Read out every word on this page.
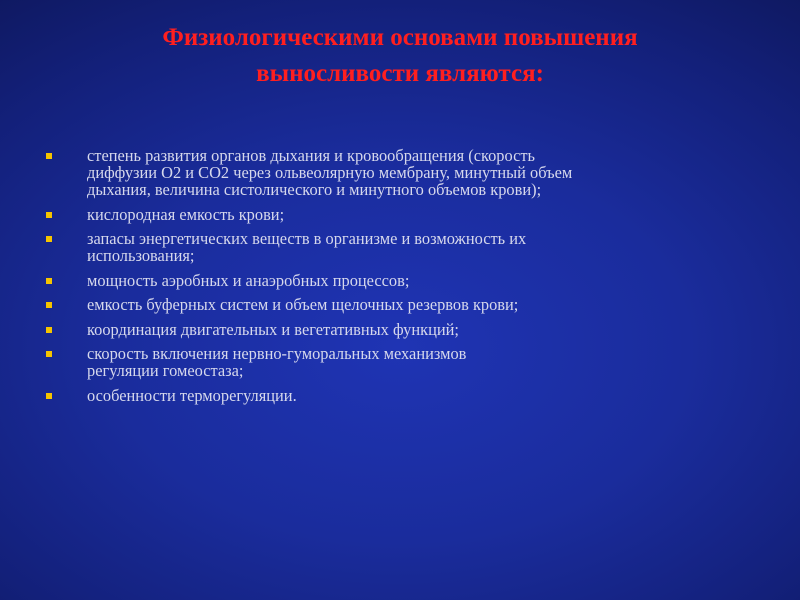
Физиологическими основами повышения
выносливости являются:
степень развития органов дыхания и кровообращения (скорость
диффузии О2 и СО2 через ольвеолярную мембрану, минутный объем
дыхания, величина систолического и минутного объемов крови);
кислородная емкость крови;
запасы энергетических веществ в организме и возможность их
использования;
мощность аэробных и анаэробных процессов;
емкость буферных систем и объем щелочных резервов крови;
координация двигательных и вегетативных функций;
скорость включения нервно-гуморальных механизмов
регуляции гомеостаза;
особенности терморегуляции.
